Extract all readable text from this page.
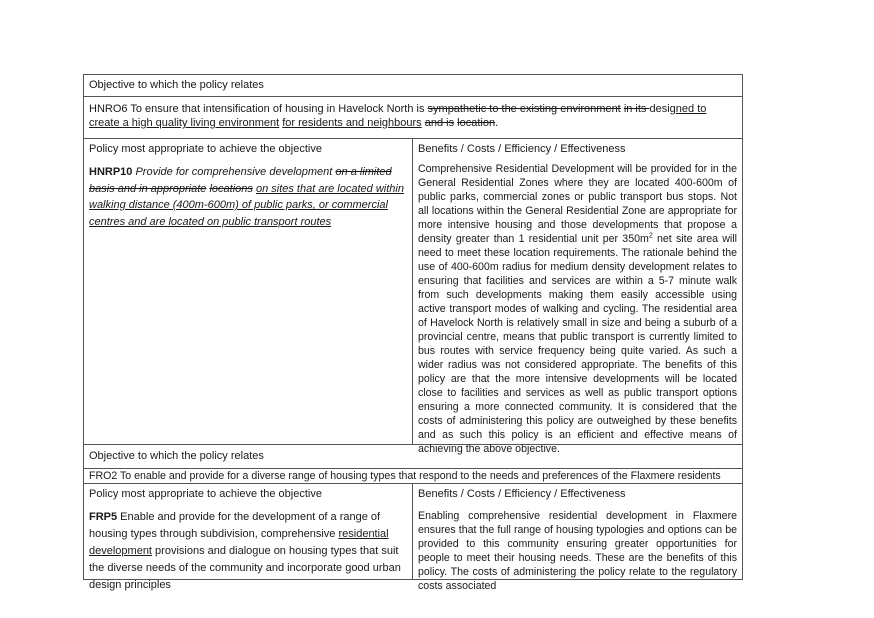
Objective to which the policy relates
HNRO6 To ensure that intensification of housing in Havelock North is sympathetic to the existing environment in its designed to create a high quality living environment for residents and neighbours and is location.
Policy most appropriate to achieve the objective
HNRP10 Provide for comprehensive development on a limited basis and in appropriate locations on sites that are located within walking distance (400m-600m) of public parks, or commercial centres and are located on public transport routes
Benefits / Costs / Efficiency / Effectiveness
Comprehensive Residential Development will be provided for in the General Residential Zones where they are located 400-600m of public parks, commercial zones or public transport bus stops. Not all locations within the General Residential Zone are appropriate for more intensive housing and those developments that propose a density greater than 1 residential unit per $350m^2$ net site area will need to meet these location requirements. The rationale behind the use of 400-600m radius for medium density development relates to ensuring that facilities and services are within a 5-7 minute walk from such developments making them easily accessible using active transport modes of walking and cycling. The residential area of Havelock North is relatively small in size and being a suburb of a provincial centre, means that public transport is currently limited to bus routes with service frequency being quite varied. As such a wider radius was not considered appropriate. The benefits of this policy are that the more intensive developments will be located close to facilities and services as well as public transport options ensuring a more connected community. It is considered that the costs of administering this policy are outweighed by these benefits and as such this policy is an efficient and effective means of achieving the above objective.
Objective to which the policy relates
FRO2 To enable and provide for a diverse range of housing types that respond to the needs and preferences of the Flaxmere residents
Policy most appropriate to achieve the objective
FRP5 Enable and provide for the development of a range of housing types through subdivision, comprehensive residential development provisions and dialogue on housing types that suit the diverse needs of the community and incorporate good urban design principles
Benefits / Costs / Efficiency / Effectiveness
Enabling comprehensive residential development in Flaxmere ensures that the full range of housing typologies and options can be provided to this community ensuring greater opportunities for people to meet their housing needs. These are the benefits of this policy. The costs of administering the policy relate to the regulatory costs associated
